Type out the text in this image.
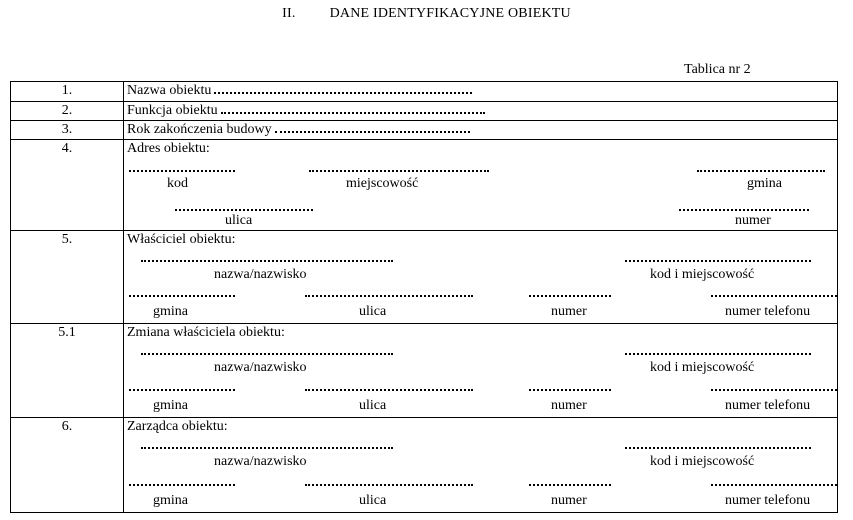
II. DANE IDENTYFIKACYJNE OBIEKTU
Tablica nr 2
1.	Nazwa obiektu
2.	Funkcja obiektu
3.	Rok zakończenia budowy
4.	Adres obiektu:
kod	miejscowość	gmina
ulica	numer
5.	Właściciel obiektu:
nazwa/nazwisko	kod i miejscowość
gmina	ulica	numer	numer telefonu
5.1	Zmiana właściciela obiektu:
nazwa/nazwisko	kod i miejscowość
gmina	ulica	numer	numer telefonu
6.	Zarządca obiektu:
nazwa/nazwisko	kod i miejscowość
gmina	ulica	numer	numer telefonu
